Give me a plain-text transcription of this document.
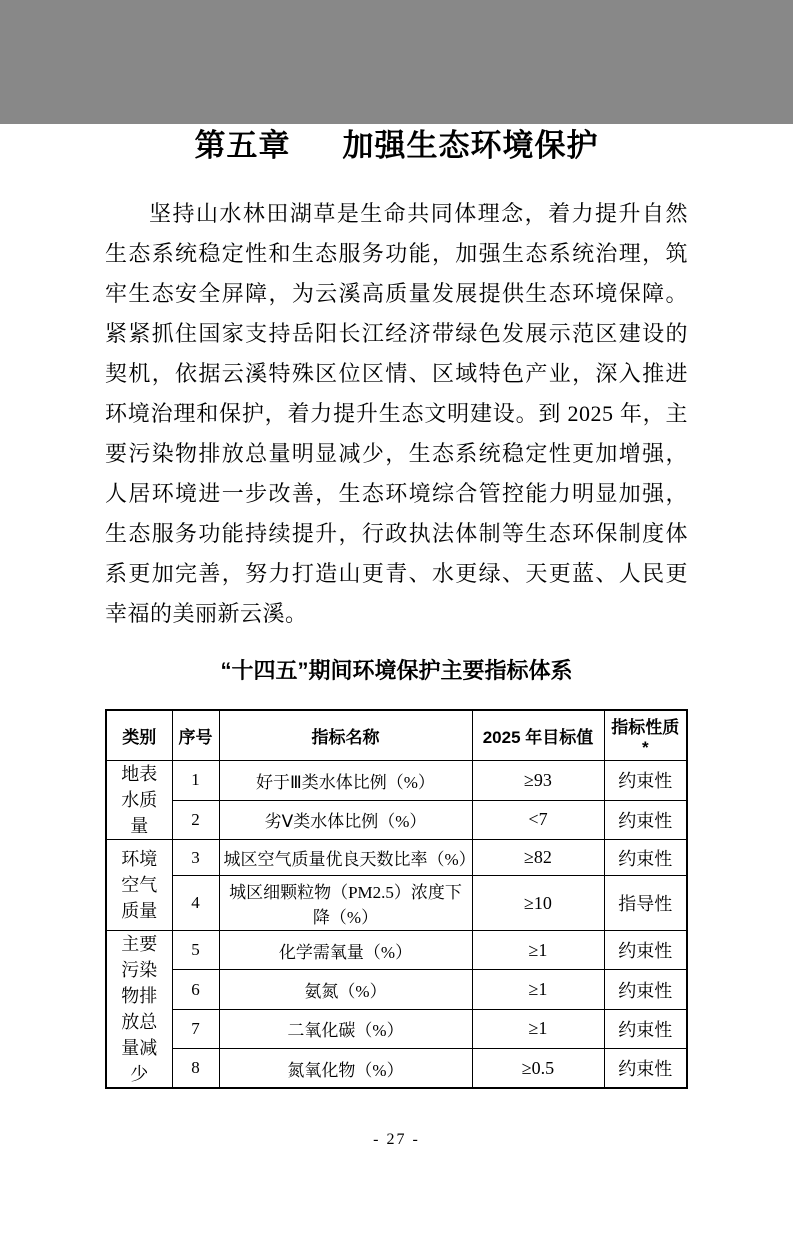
第五章 加强生态环境保护

坚持山水林田湖草是生命共同体理念，着力提升自然生态系统稳定性和生态服务功能，加强生态系统治理，筑牢生态安全屏障，为云溪高质量发展提供生态环境保障。紧紧抓住国家支持岳阳长江经济带绿色发展示范区建设的契机，依据云溪特殊区位区情、区域特色产业，深入推进环境治理和保护，着力提升生态文明建设。到 2025 年，主要污染物排放总量明显减少，生态系统稳定性更加增强，人居环境进一步改善，生态环境综合管控能力明显加强，生态服务功能持续提升，行政执法体制等生态环保制度体系更加完善，努力打造山更青、水更绿、天更蓝、人民更幸福的美丽新云溪。

“十四五”期间环境保护主要指标体系
类别	序号	指标名称	2025 年目标值	指标性质*
地表水质量	1	好于Ⅲ类水体比例（%）	≥93	约束性
	2	劣Ⅴ类水体比例（%）	<7	约束性
环境空气质量	3	城区空气质量优良天数比率（%）	≥82	约束性
	4	城区细颗粒物（PM2.5）浓度下降（%）	≥10	指导性
主要污染物排放总量减少	5	化学需氧量（%）	≥1	约束性
	6	氨氮（%）	≥1	约束性
	7	二氧化碳（%）	≥1	约束性
	8	氮氧化物（%）	≥0.5	约束性
- 27 -
